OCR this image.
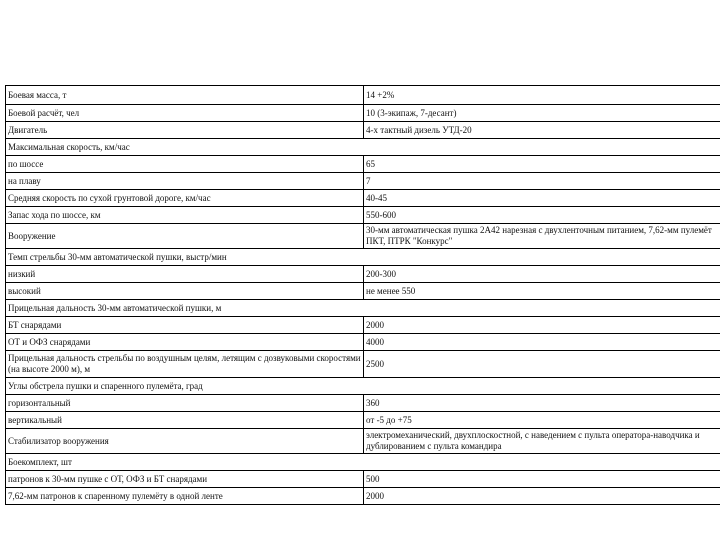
Боевая масса, т	14 +2%
Боевой расчёт, чел	10 (3-экипаж, 7-десант)
Двигатель	4-х тактный дизель УТД-20
Максимальная скорость, км/час	
по шоссе	65
на плаву	7
Средняя скорость по сухой грунтовой дороге, км/час	40-45
Запас хода по шоссе, км	550-600
Вооружение	30-мм автоматическая пушка 2А42 нарезная с двухленточным питанием, 7,62-мм пулемёт ПКТ, ПТРК "Конкурс"
Темп стрельбы 30-мм автоматической пушки, выстр/мин	
низкий	200-300
высокий	не менее 550
Прицельная дальность 30-мм автоматической пушки, м	
БТ снарядами	2000
ОТ и ОФЗ снарядами	4000
Прицельная дальность стрельбы по воздушным целям, летящим с дозвуковыми скоростями (на высоте 2000 м), м	2500
Углы обстрела пушки и спаренного пулемёта, град	
горизонтальный	360
вертикальный	от -5 до +75
Стабилизатор вооружения	электромеханический, двухплоскостной, с наведением с пульта оператора-наводчика и дублированием с пульта командира
Боекомплект, шт	
патронов к 30-мм пушке с ОТ, ОФЗ и БТ снарядами	500
7,62-мм патронов к спаренному пулемёту в одной ленте	2000
